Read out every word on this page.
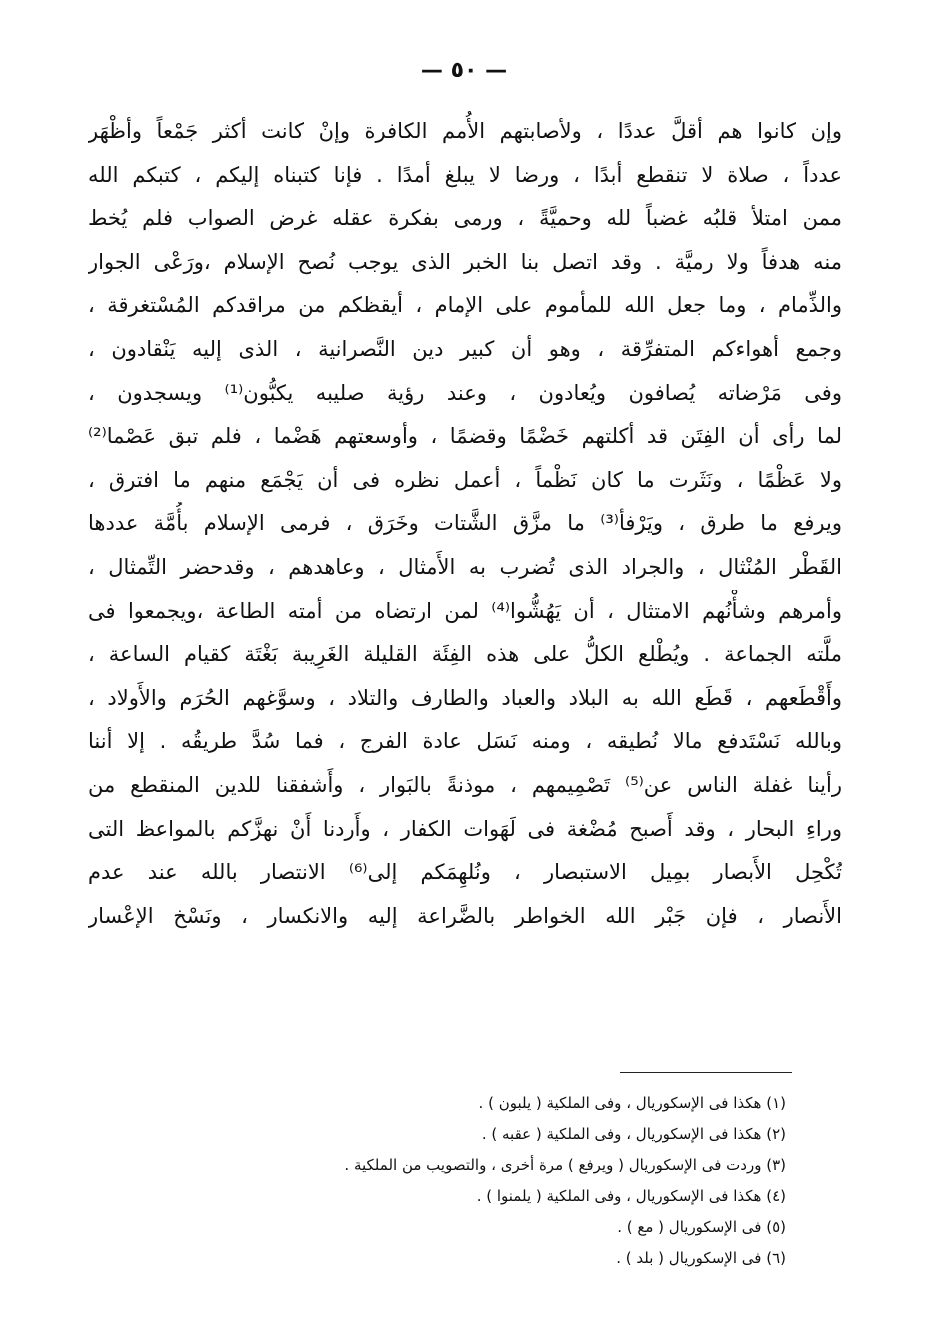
— ٥٠ —
وإن كانوا هم أقلَّ عددًا ، ولأصابتهم الأُمم الكافرة وإنْ كانت أكثر جَمْعاً وأظْهَر
عدداً ، صلاة لا تنقطع أبدًا ، ورضا لا يبلغ أمدًا . فإنا كتبناه إليكم ، كتبكم الله
ممن امتلأ قلبُه غضباً لله وحميَّةً ، ورمى بفكرة عقله غرض الصواب فلم يُخط
منه هدفاً ولا رميَّة . وقد اتصل بنا الخبر الذى يوجب نُصح الإسلام ،ورَعْى الجوار
والذِّمام ، وما جعل الله للمأموم على الإمام ، أيقظكم من مراقدكم المُسْتغرقة ،
وجمع أهواءكم المتفرِّقة ، وهو أن كبير دين النَّصرانية ، الذى إليه يَنْقادون ،
وفى مَرْضاته يُصافون ويُعادون ، وعند رؤية صليبه يكبُّون⁽¹⁾ ويسجدون ،
لما رأى أن الفِتَن قد أكلتهم خَضْمًا وقضمًا ، وأوسعتهم هَضْما ، فلم تبق عَصْما⁽²⁾
ولا عَظْمًا ، ونَثَرت ما كان نَظْماً ، أعمل نظره فى أن يَجْمَع منهم ما افترق ،
ويرفع ما طرق ، ويَرْفأ⁽³⁾ ما مزَّق الشَّتات وخَرَق ، فرمى الإسلام بأُمَّة عددها
القَطْر المُنْثال ، والجراد الذى تُضرب به الأَمثال ، وعاهدهم ، وقدحضر التِّمثال ،
وأمرهم وشأْنُهم الامتثال ، أن يَهُشُّوا⁽⁴⁾ لمن ارتضاه من أمته الطاعة ،ويجمعوا فى
ملَّته الجماعة . ويُطْلع الكلُّ على هذه الفِئَة القليلة الغَرِيبة بَغْتَة كقيام الساعة ،
وأَقْطَعهم ، قَطَع الله به البلاد والعباد والطارف والتلاد ، وسوَّغهم الحُرَم والأَولاد ،
وبالله نَسْتَدفع مالا نُطيقه ، ومنه نَسَل عادة الفرج ، فما سُدَّ طريقُه . إلا أننا
رأينا غفلة الناس عن⁽⁵⁾ تَصْمِيمهم ، موذنةً بالبَوار ، وأَشفقنا للدين المنقطع من
وراءِ البحار ، وقد أَصبح مُضْغة فى لَهَوات الكفار ، وأَردنا أَنْ نهزَّكم بالمواعظ التى
تُكْحِل الأَبصار بمِيل الاستبصار ، ونُلهِمَكم إلى⁽⁶⁾ الانتصار بالله عند عدم
الأَنصار ، فإن جَبْر الله الخواطر بالضَّراعة إليه والانكسار ، ونَسْخ الإعْسار
(١) هكذا فى الإسكوريال ، وفى الملكية ( يلبون ) .
(٢) هكذا فى الإسكوريال ، وفى الملكية ( عقبه ) .
(٣) وردت فى الإسكوريال ( ويرفع ) مرة أخرى ، والتصويب من الملكية .
(٤) هكذا فى الإسكوريال ، وفى الملكية ( يلمنوا ) .
(٥) فى الإسكوريال ( مع ) .
(٦) فى الإسكوريال ( بلد ) .
